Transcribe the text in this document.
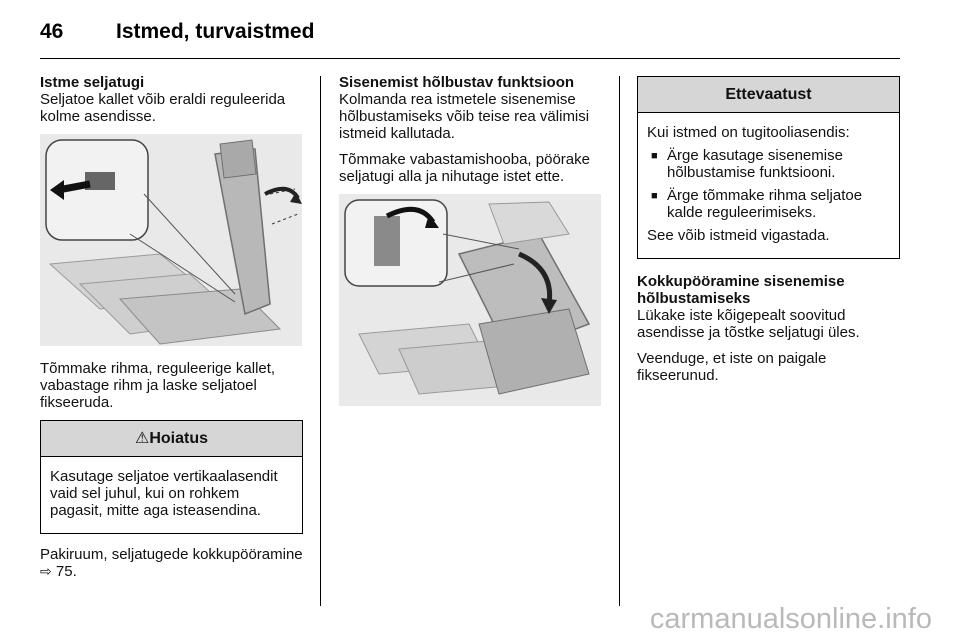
46	Istmed, turvaistmed
Istme seljatugi

Seljatoe kallet võib eraldi reguleerida kolme asendisse.

Tõmmake rihma, reguleerige kallet, vabastage rihm ja laske seljatoel fikseeruda.

⚠Hoiatus

Kasutage seljatoe vertikaalasendit vaid sel juhul, kui on rohkem pagasit, mitte aga isteasendina.

Pakiruum, seljatugede kokkupööramine ⇨ 75.

Sisenemist hõlbustav funktsioon

Kolmanda rea istmetele sisenemise hõlbustamiseks võib teise rea välimisi istmeid kallutada.

Tõmmake vabastamishooba, pöörake seljatugi alla ja nihutage istet ette.

Ettevaatust

Kui istmed on tugitooliasendis:

■ Ärge kasutage sisenemise hõlbustamise funktsiooni.
■ Ärge tõmmake rihma seljatoe kalde reguleerimiseks.

See võib istmeid vigastada.

Kokkupööramine sisenemise hõlbustamiseks

Lükake iste kõigepealt soovitud asendisse ja tõstke seljatugi üles.

Veenduge, et iste on paigale fikseerunud.

carmanualsonline.info
